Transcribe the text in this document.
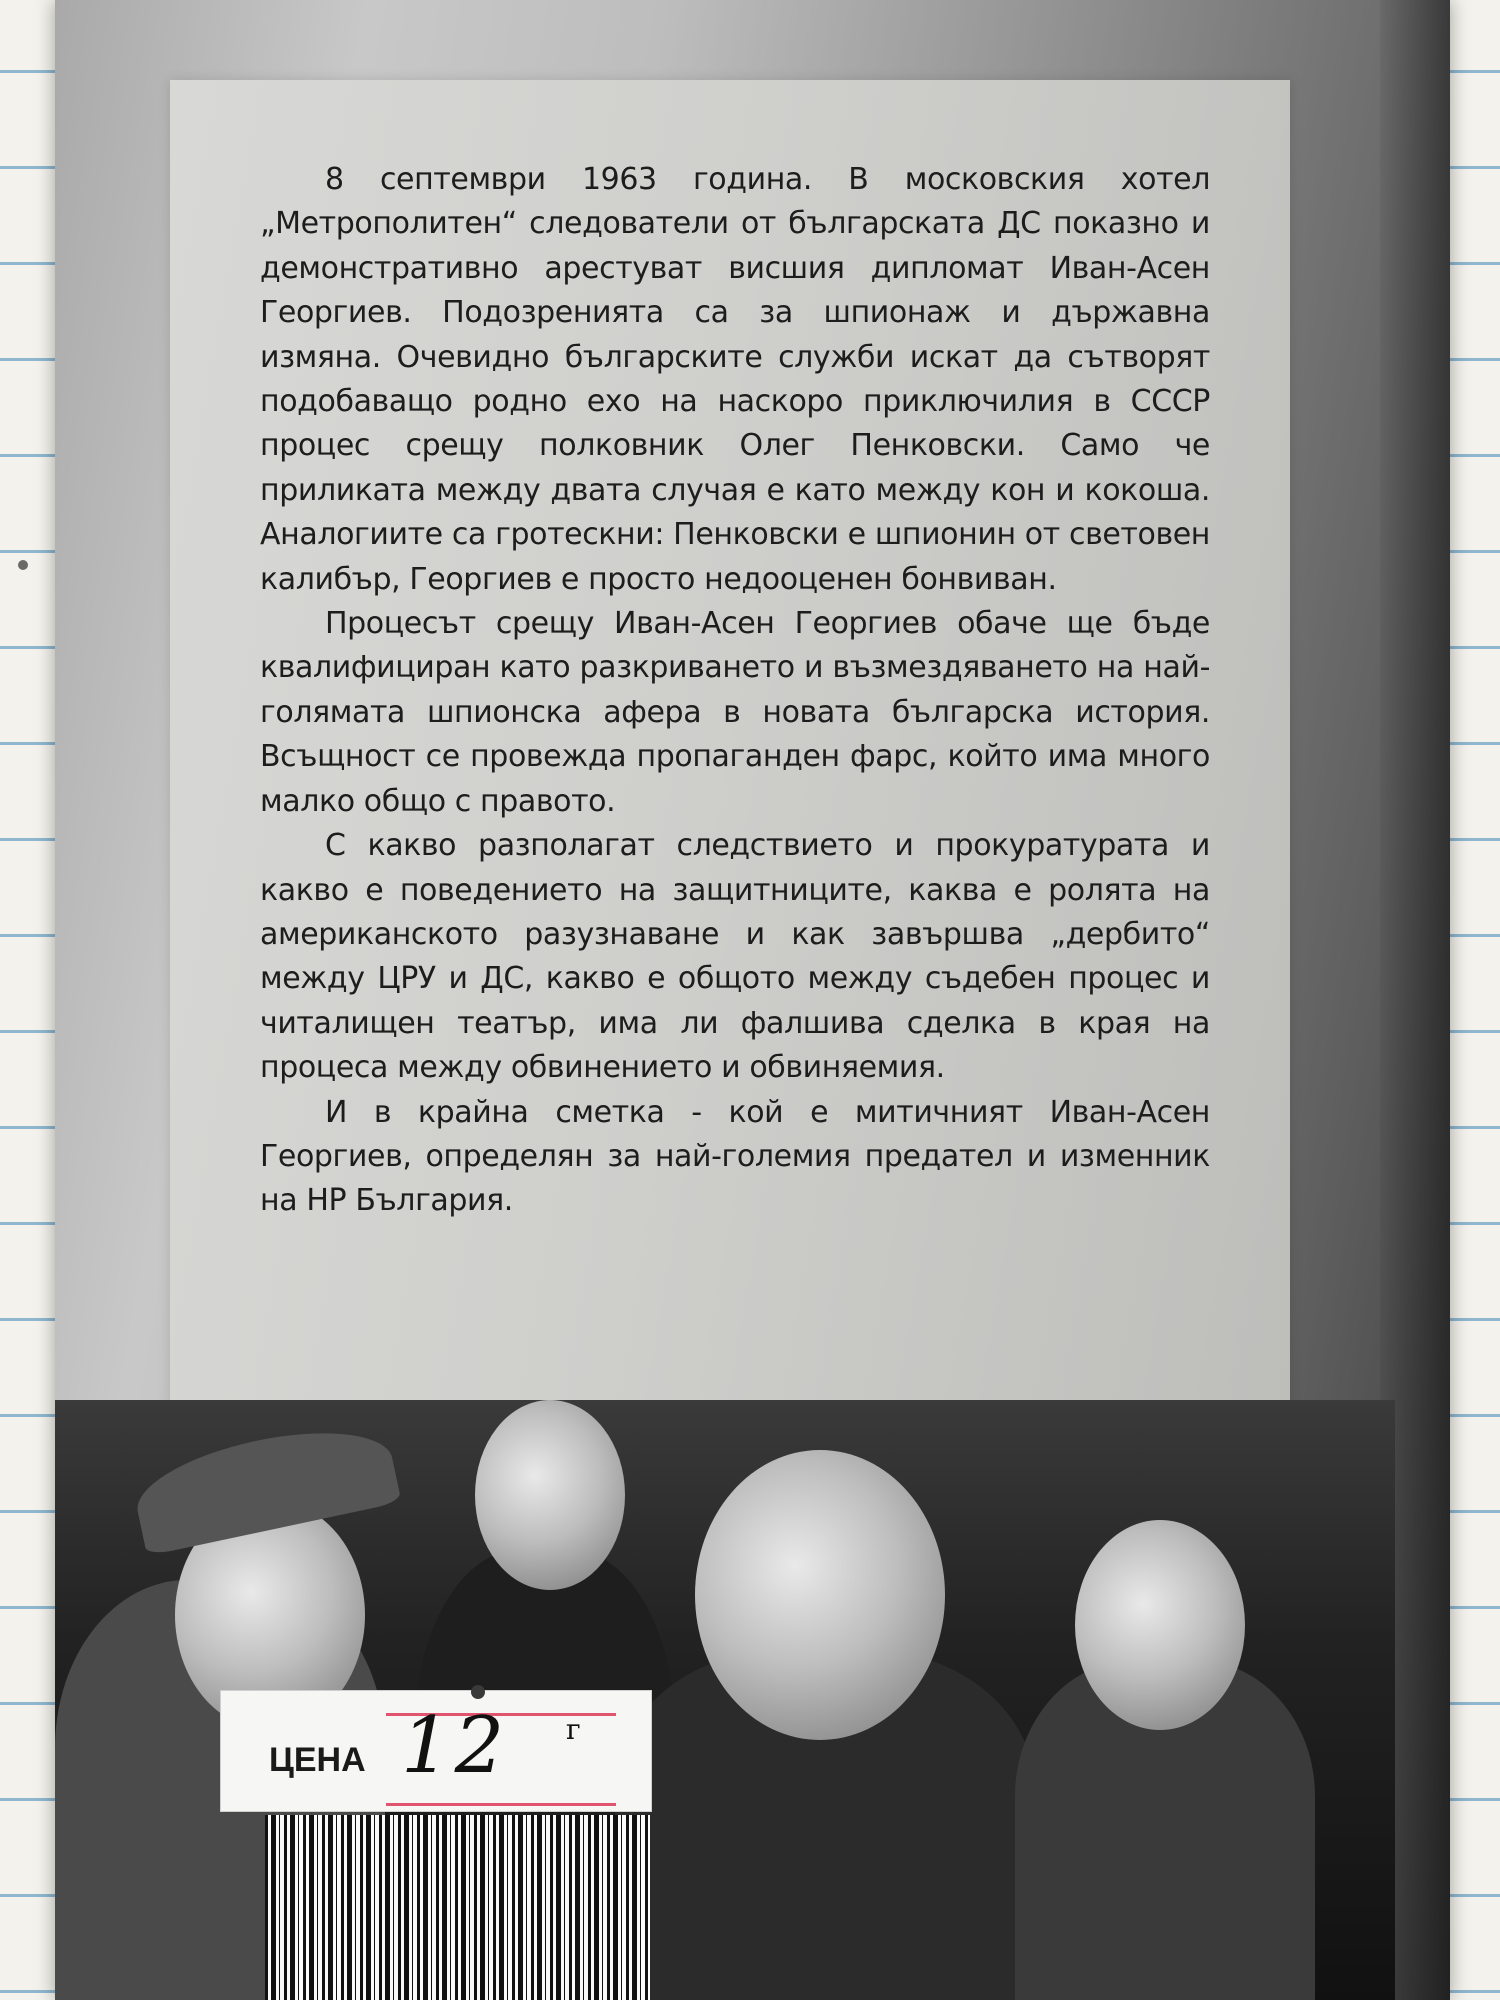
8 септември 1963 година. В московския хотел „Метрополитен“ следователи от българската ДС показно и демонстративно арестуват висшия дипломат Иван-Асен Георгиев. Подозренията са за шпионаж и държавна измяна. Очевидно българските служби искат да сътворят подобаващо родно ехо на наскоро приключилия в СССР процес срещу полковник Олег Пенковски. Само че приликата между двата случая е като между кон и кокоша. Аналогиите са гротескни: Пенковски е шпионин от световен калибър, Георгиев е просто недооценен бонвиван.

Процесът срещу Иван-Асен Георгиев обаче ще бъде квалифициран като разкриването и възмездяването на най-голямата шпионска афера в новата българска история. Всъщност се провежда пропаганден фарс, който има много малко общо с правото.

С какво разполагат следствието и прокуратурата и какво е поведението на защитниците, каква е ролята на американското разузнаване и как завършва „дербито“ между ЦРУ и ДС, какво е общото между съдебен процес и читалищен театър, има ли фалшива сделка в края на процеса между обвинението и обвиняемия.

И в крайна сметка - кой е митичният Иван-Асен Георгиев, определян за най-големия предател и изменник на НР България.

12 г
ЦЕНА
